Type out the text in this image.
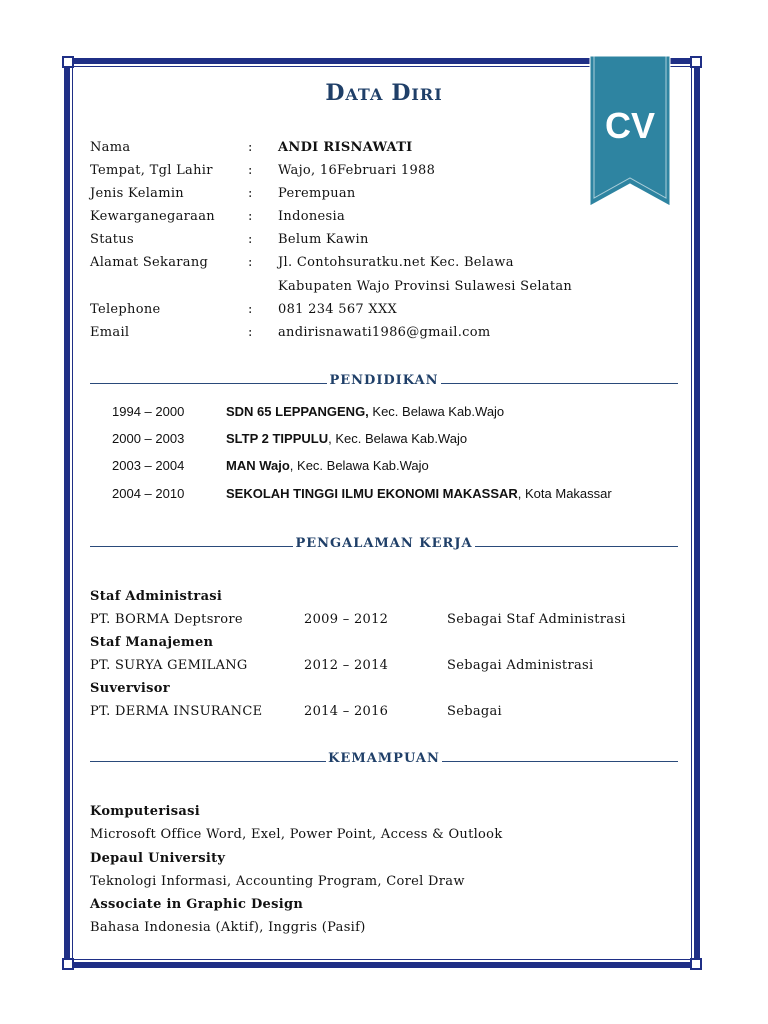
CV
DATA DIRI
Nama	: ANDI RISNAWATI
Tempat, Tgl Lahir	: Wajo, 16Februari 1988
Jenis Kelamin	: Perempuan
Kewarganegaraan	: Indonesia
Status	: Belum Kawin
Alamat Sekarang	: Jl. Contohsuratku.net Kec. Belawa
Kabupaten Wajo Provinsi Sulawesi Selatan
Telephone	: 081 234 567 XXX
Email	: andirisnawati1986@gmail.com
PENDIDIKAN
1994 – 2000	SDN 65 LEPPANGENG, Kec. Belawa Kab.Wajo
2000 – 2003	SLTP 2 TIPPULU, Kec. Belawa Kab.Wajo
2003 – 2004	MAN Wajo, Kec. Belawa Kab.Wajo
2004 – 2010	SEKOLAH TINGGI ILMU EKONOMI MAKASSAR, Kota Makassar
PENGALAMAN KERJA
Staf Administrasi
PT. BORMA Deptsrore	2009 – 2012	Sebagai Staf Administrasi
Staf Manajemen
PT. SURYA GEMILANG	2012 – 2014	Sebagai Administrasi
Suvervisor
PT. DERMA INSURANCE	2014 – 2016	Sebagai
KEMAMPUAN
Komputerisasi
Microsoft Office Word, Exel, Power Point, Access & Outlook
Depaul University
Teknologi Informasi, Accounting Program, Corel Draw
Associate in Graphic Design
Bahasa Indonesia (Aktif), Inggris (Pasif)
